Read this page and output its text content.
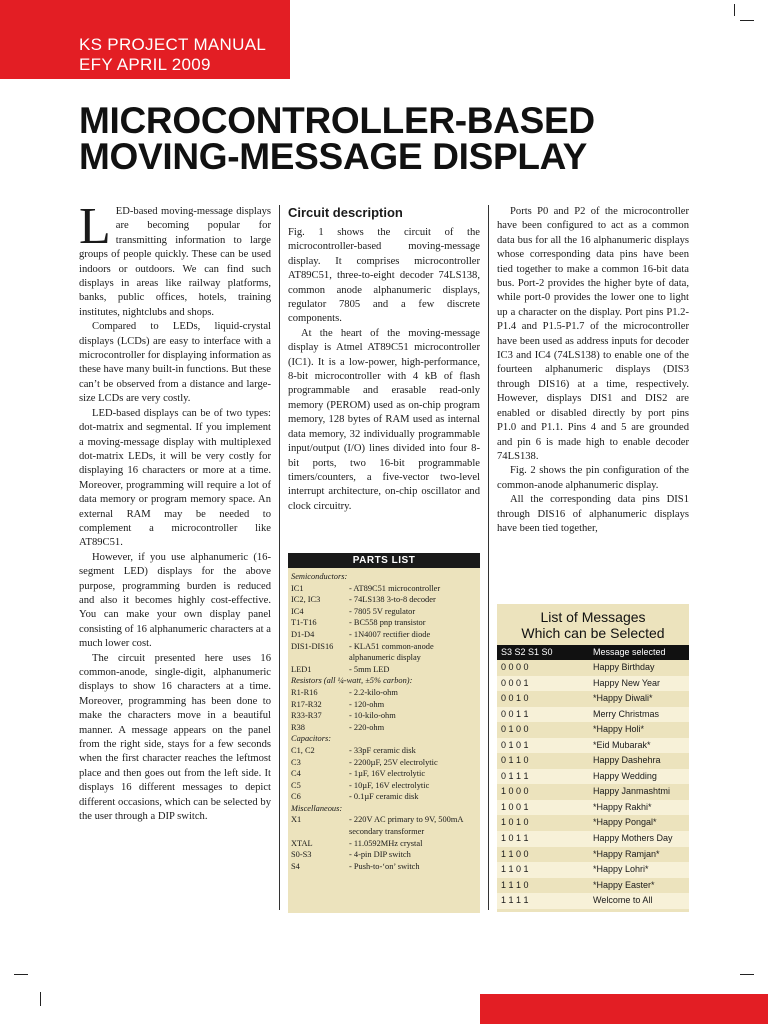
KS PROJECT MANUAL
EFY APRIL 2009
MICROCONTROLLER-BASED
MOVING-MESSAGE DISPLAY

LED-based moving-message displays are becoming popular for transmitting information to large groups of people quickly. These can be used indoors or outdoors. We can find such displays in areas like railway platforms, banks, public offices, hotels, training institutes, nightclubs and shops.

Compared to LEDs, liquid-crystal displays (LCDs) are easy to interface with a microcontroller for displaying information as these have many built-in functions. But these can’t be observed from a distance and large-size LCDs are very costly.

LED-based displays can be of two types: dot-matrix and segmental. If you implement a moving-message display with multiplexed dot-matrix LEDs, it will be very costly for displaying 16 characters or more at a time. Moreover, programming will require a lot of data memory or program memory space. An external RAM may be needed to complement a microcontroller like AT89C51.

However, if you use alphanumeric (16-segment LED) displays for the above purpose, programming burden is reduced and also it becomes highly cost-effective. You can make your own display panel consisting of 16 alphanumeric characters at a much lower cost.

The circuit presented here uses 16 common-anode, single-digit, alphanumeric displays to show 16 characters at a time. Moreover, programming has been done to make the characters move in a beautiful manner. A message appears on the panel from the right side, stays for a few seconds when the first character reaches the leftmost place and then goes out from the left side. It displays 16 different messages to depict different occasions, which can be selected by the user through a DIP switch.

Circuit description

Fig. 1 shows the circuit of the microcontroller-based moving-message display. It comprises microcontroller AT89C51, three-to-eight decoder 74LS138, common anode alphanumeric displays, regulator 7805 and a few discrete components.

At the heart of the moving-message display is Atmel AT89C51 microcontroller (IC1). It is a low-power, high-performance, 8-bit microcontroller with 4 kB of flash programmable and erasable read-only memory (PEROM) used as on-chip program memory, 128 bytes of RAM used as internal data memory, 32 individually programmable input/output (I/O) lines divided into four 8-bit ports, two 16-bit programmable timers/counters, a five-vector two-level interrupt architecture, on-chip oscillator and clock circuitry.

PARTS LIST
Semiconductors:
IC1	- AT89C51 microcontroller
IC2, IC3	- 74LS138 3-to-8 decoder
IC4	- 7805 5V regulator
T1-T16	- BC558 pnp transistor
D1-D4	- 1N4007 rectifier diode
DIS1-DIS16	- KLA51 common-anode alphanumeric display
LED1	- 5mm LED
Resistors (all ¼-watt, ±5% carbon):
R1-R16	- 2.2-kilo-ohm
R17-R32	- 120-ohm
R33-R37	- 10-kilo-ohm
R38	- 220-ohm
Capacitors:
C1, C2	- 33pF ceramic disk
C3	- 2200µF, 25V electrolytic
C4	- 1µF, 16V electrolytic
C5	- 10µF, 16V electrolytic
C6	- 0.1µF ceramic disk
Miscellaneous:
X1	- 220V AC primary to 9V, 500mA secondary transformer
XTAL	- 11.0592MHz crystal
S0-S3	- 4-pin DIP switch
S4	- Push-to-‘on’ switch

Ports P0 and P2 of the microcontroller have been configured to act as a common data bus for all the 16 alphanumeric displays whose corresponding data pins have been tied together to make a common 16-bit data bus. Port-2 provides the higher byte of data, while port-0 provides the lower one to light up a character on the display. Port pins P1.2-P1.4 and P1.5-P1.7 of the microcontroller have been used as address inputs for decoder IC3 and IC4 (74LS138) to enable one of the fourteen alphanumeric displays (DIS3 through DIS16) at a time, respectively. However, displays DIS1 and DIS2 are enabled or disabled directly by port pins P1.0 and P1.1. Pins 4 and 5 are grounded and pin 6 is made high to enable decoder 74LS138.

Fig. 2 shows the pin configuration of the common-anode alphanumeric display.

All the corresponding data pins DIS1 through DIS16 of alphanumeric displays have been tied together,

List of Messages
Which can be Selected
S3 S2 S1 S0	Message selected
0 0 0 0	Happy Birthday
0 0 0 1	Happy New Year
0 0 1 0	*Happy Diwali*
0 0 1 1	Merry Christmas
0 1 0 0	*Happy Holi*
0 1 0 1	*Eid Mubarak*
0 1 1 0	Happy Dashehra
0 1 1 1	Happy Wedding
1 0 0 0	Happy Janmashtmi
1 0 0 1	*Happy Rakhi*
1 0 1 0	*Happy Pongal*
1 0 1 1	Happy Mothers Day
1 1 0 0	*Happy Ramjan*
1 1 0 1	*Happy Lohri*
1 1 1 0	*Happy Easter*
1 1 1 1	Welcome to All
